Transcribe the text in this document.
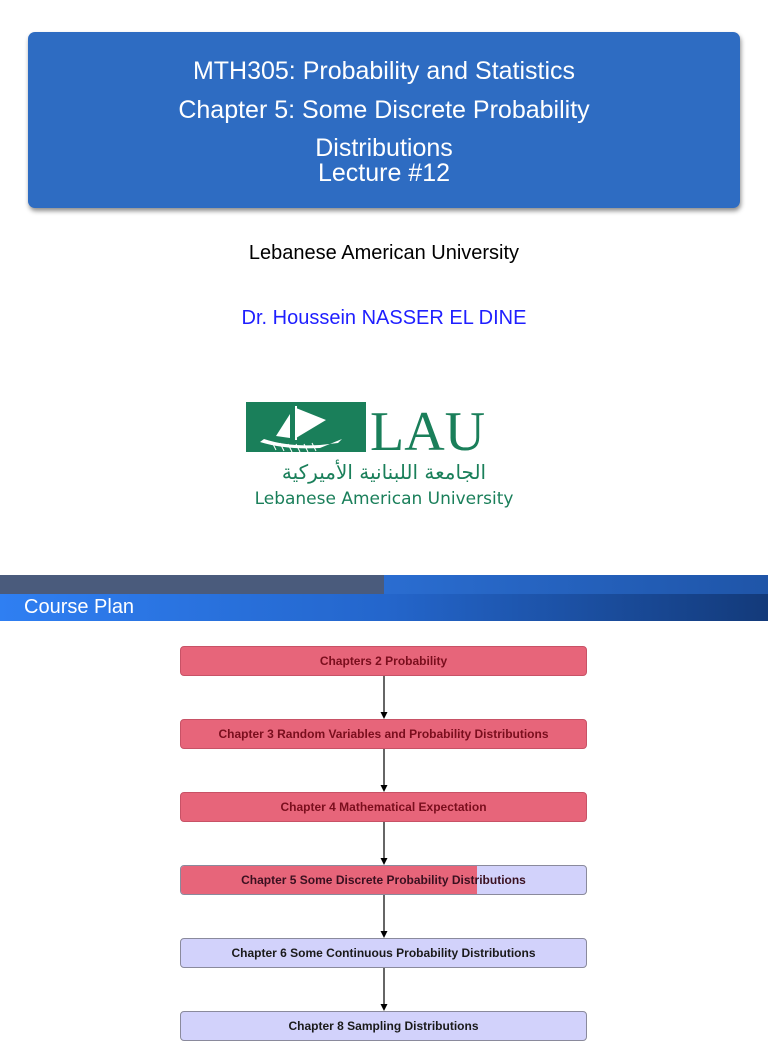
MTH305: Probability and Statistics
Chapter 5: Some Discrete Probability
Distributions
Lecture #12
Lebanese American University
Dr. Houssein NASSER EL DINE
LAU
الجامعة اللبنانية الأميركية
Lebanese American University
Course Plan
Chapters 2 Probability
Chapter 3 Random Variables and Probability Distributions
Chapter 4 Mathematical Expectation
Chapter 5 Some Discrete Probability Distributions
Chapter 6 Some Continuous Probability Distributions
Chapter 8 Sampling Distributions
